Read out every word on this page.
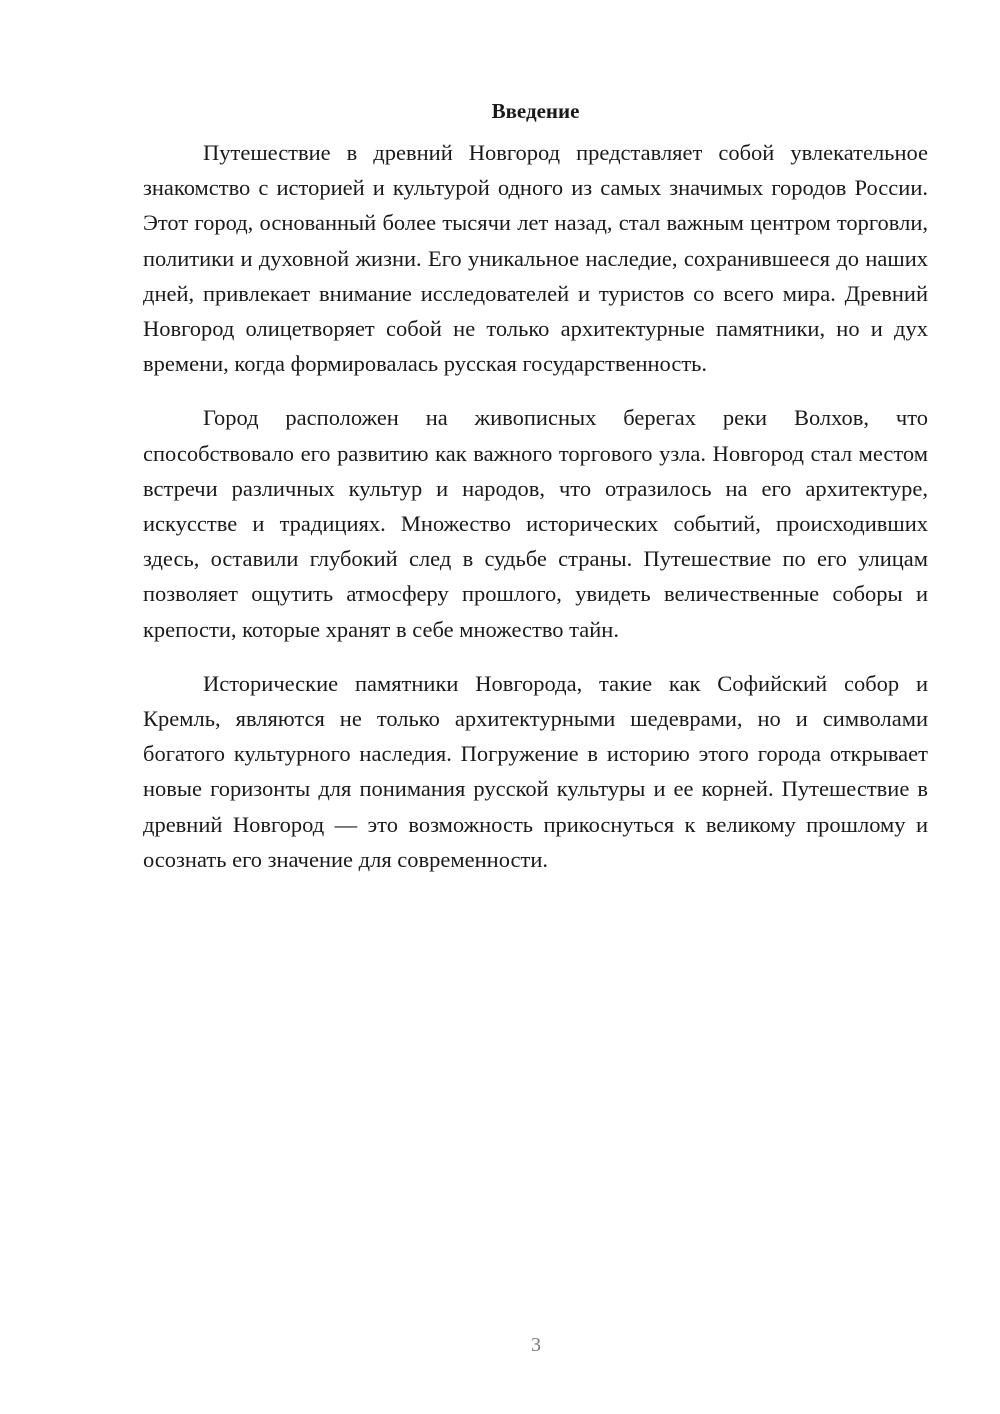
Введение

Путешествие в древний Новгород представляет собой увлекательное знакомство с историей и культурой одного из самых значимых городов России. Этот город, основанный более тысячи лет назад, стал важным центром торговли, политики и духовной жизни. Его уникальное наследие, сохранившееся до наших дней, привлекает внимание исследователей и туристов со всего мира. Древний Новгород олицетворяет собой не только архитектурные памятники, но и дух времени, когда формировалась русская государственность.

Город расположен на живописных берегах реки Волхов, что способствовало его развитию как важного торгового узла. Новгород стал местом встречи различных культур и народов, что отразилось на его архитектуре, искусстве и традициях. Множество исторических событий, происходивших здесь, оставили глубокий след в судьбе страны. Путешествие по его улицам позволяет ощутить атмосферу прошлого, увидеть величественные соборы и крепости, которые хранят в себе множество тайн.

Исторические памятники Новгорода, такие как Софийский собор и Кремль, являются не только архитектурными шедеврами, но и символами богатого культурного наследия. Погружение в историю этого города открывает новые горизонты для понимания русской культуры и ее корней. Путешествие в древний Новгород — это возможность прикоснуться к великому прошлому и осознать его значение для современности.

3
